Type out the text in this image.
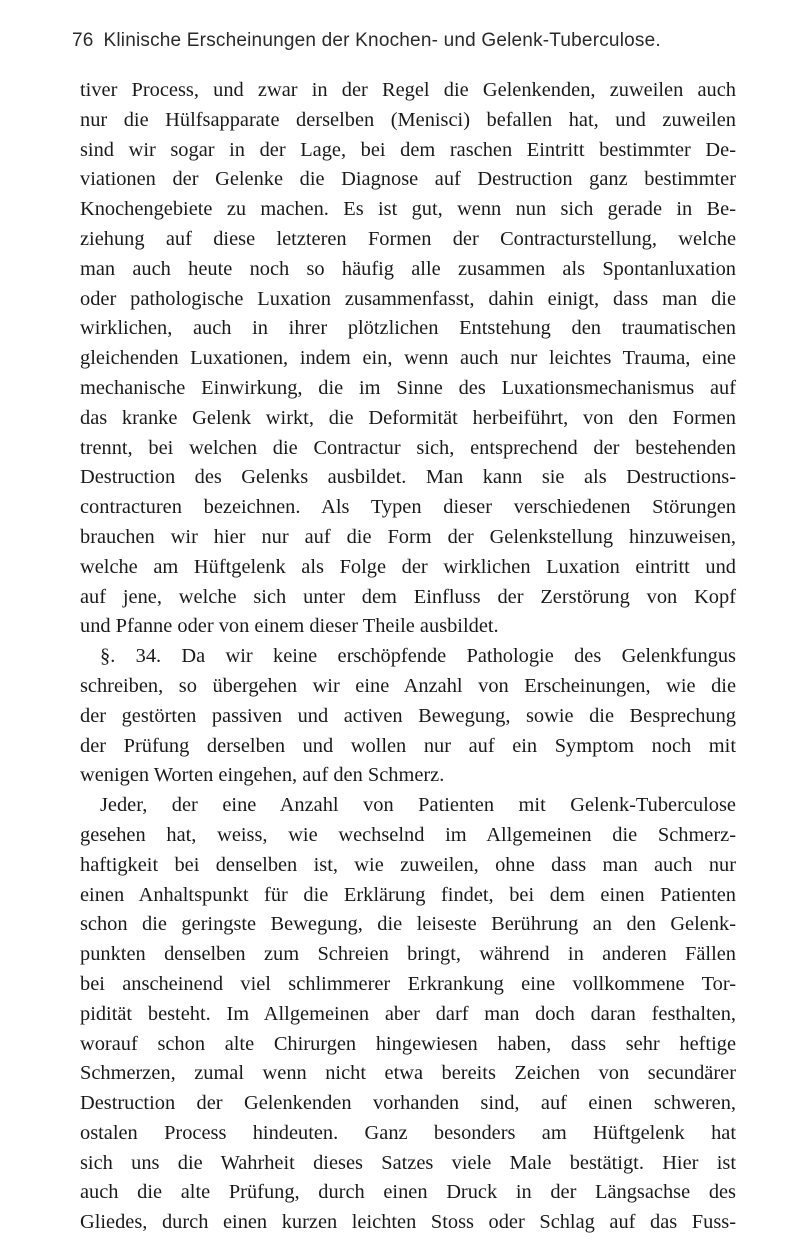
76 Klinische Erscheinungen der Knochen- und Gelenk-Tuberculose.
tiver Process, und zwar in der Regel die Gelenkenden, zuweilen auch
nur die Hülfsapparate derselben (Menisci) befallen hat, und zuweilen
sind wir sogar in der Lage, bei dem raschen Eintritt bestimmter De-
viationen der Gelenke die Diagnose auf Destruction ganz bestimmter
Knochengebiete zu machen. Es ist gut, wenn nun sich gerade in Be-
ziehung auf diese letzteren Formen der Contracturstellung, welche
man auch heute noch so häufig alle zusammen als Spontanluxation
oder pathologische Luxation zusammenfasst, dahin einigt, dass man die
wirklichen, auch in ihrer plötzlichen Entstehung den traumatischen
gleichenden Luxationen, indem ein, wenn auch nur leichtes Trauma, eine
mechanische Einwirkung, die im Sinne des Luxationsmechanismus auf
das kranke Gelenk wirkt, die Deformität herbeiführt, von den Formen
trennt, bei welchen die Contractur sich, entsprechend der bestehenden
Destruction des Gelenks ausbildet. Man kann sie als Destructions-
contracturen bezeichnen. Als Typen dieser verschiedenen Störungen
brauchen wir hier nur auf die Form der Gelenkstellung hinzuweisen,
welche am Hüftgelenk als Folge der wirklichen Luxation eintritt und
auf jene, welche sich unter dem Einfluss der Zerstörung von Kopf
und Pfanne oder von einem dieser Theile ausbildet.
§. 34. Da wir keine erschöpfende Pathologie des Gelenkfungus
schreiben, so übergehen wir eine Anzahl von Erscheinungen, wie die
der gestörten passiven und activen Bewegung, sowie die Besprechung
der Prüfung derselben und wollen nur auf ein Symptom noch mit
wenigen Worten eingehen, auf den Schmerz.
Jeder, der eine Anzahl von Patienten mit Gelenk-Tuberculose
gesehen hat, weiss, wie wechselnd im Allgemeinen die Schmerz-
haftigkeit bei denselben ist, wie zuweilen, ohne dass man auch nur
einen Anhaltspunkt für die Erklärung findet, bei dem einen Patienten
schon die geringste Bewegung, die leiseste Berührung an den Gelenk-
punkten denselben zum Schreien bringt, während in anderen Fällen
bei anscheinend viel schlimmerer Erkrankung eine vollkommene Tor-
pidität besteht. Im Allgemeinen aber darf man doch daran festhalten,
worauf schon alte Chirurgen hingewiesen haben, dass sehr heftige
Schmerzen, zumal wenn nicht etwa bereits Zeichen von secundärer
Destruction der Gelenkenden vorhanden sind, auf einen schweren,
ostalen Process hindeuten. Ganz besonders am Hüftgelenk hat
sich uns die Wahrheit dieses Satzes viele Male bestätigt. Hier ist
auch die alte Prüfung, durch einen Druck in der Längsachse des
Gliedes, durch einen kurzen leichten Stoss oder Schlag auf das Fuss-
